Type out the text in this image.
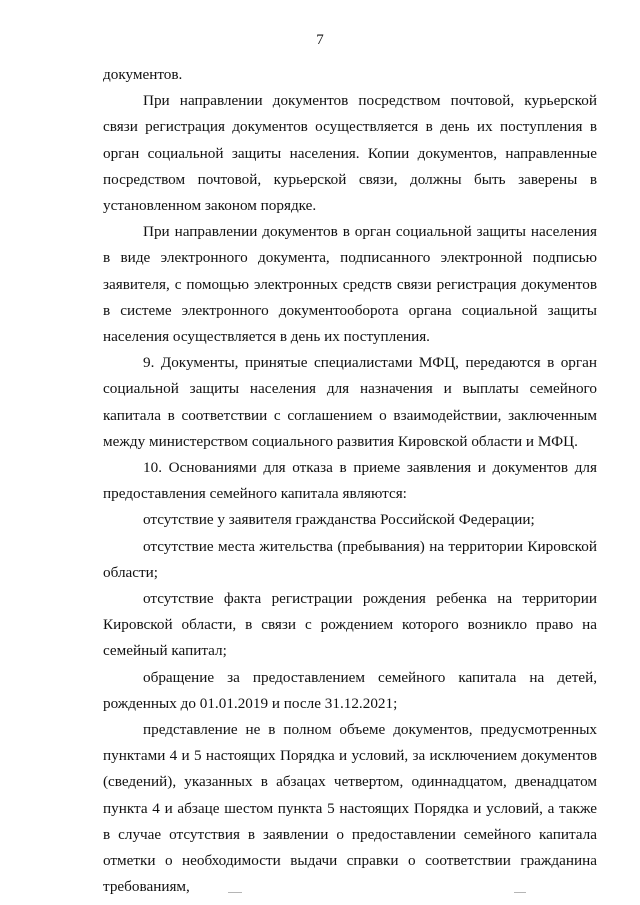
7

документов.

При направлении документов посредством почтовой, курьерской связи регистрация документов осуществляется в день их поступления в орган социальной защиты населения. Копии документов, направленные посредством почтовой, курьерской связи, должны быть заверены в установленном законом порядке.

При направлении документов в орган социальной защиты населения в виде электронного документа, подписанного электронной подписью заявителя, с помощью электронных средств связи регистрация документов в системе электронного документооборота органа социальной защиты населения осуществляется в день их поступления.

9. Документы, принятые специалистами МФЦ, передаются в орган социальной защиты населения для назначения и выплаты семейного капитала в соответствии с соглашением о взаимодействии, заключенным между министерством социального развития Кировской области и МФЦ.

10. Основаниями для отказа в приеме заявления и документов для предоставления семейного капитала являются:

отсутствие у заявителя гражданства Российской Федерации;

отсутствие места жительства (пребывания) на территории Кировской области;

отсутствие факта регистрации рождения ребенка на территории Кировской области, в связи с рождением которого возникло право на семейный капитал;

обращение за предоставлением семейного капитала на детей, рожденных до 01.01.2019 и после 31.12.2021;

представление не в полном объеме документов, предусмотренных пунктами 4 и 5 настоящих Порядка и условий, за исключением документов (сведений), указанных в абзацах четвертом, одиннадцатом, двенадцатом пункта 4 и абзаце шестом пункта 5 настоящих Порядка и условий, а также в случае отсутствия в заявлении о предоставлении семейного капитала отметки о необходимости выдачи справки о соответствии гражданина требованиям,
